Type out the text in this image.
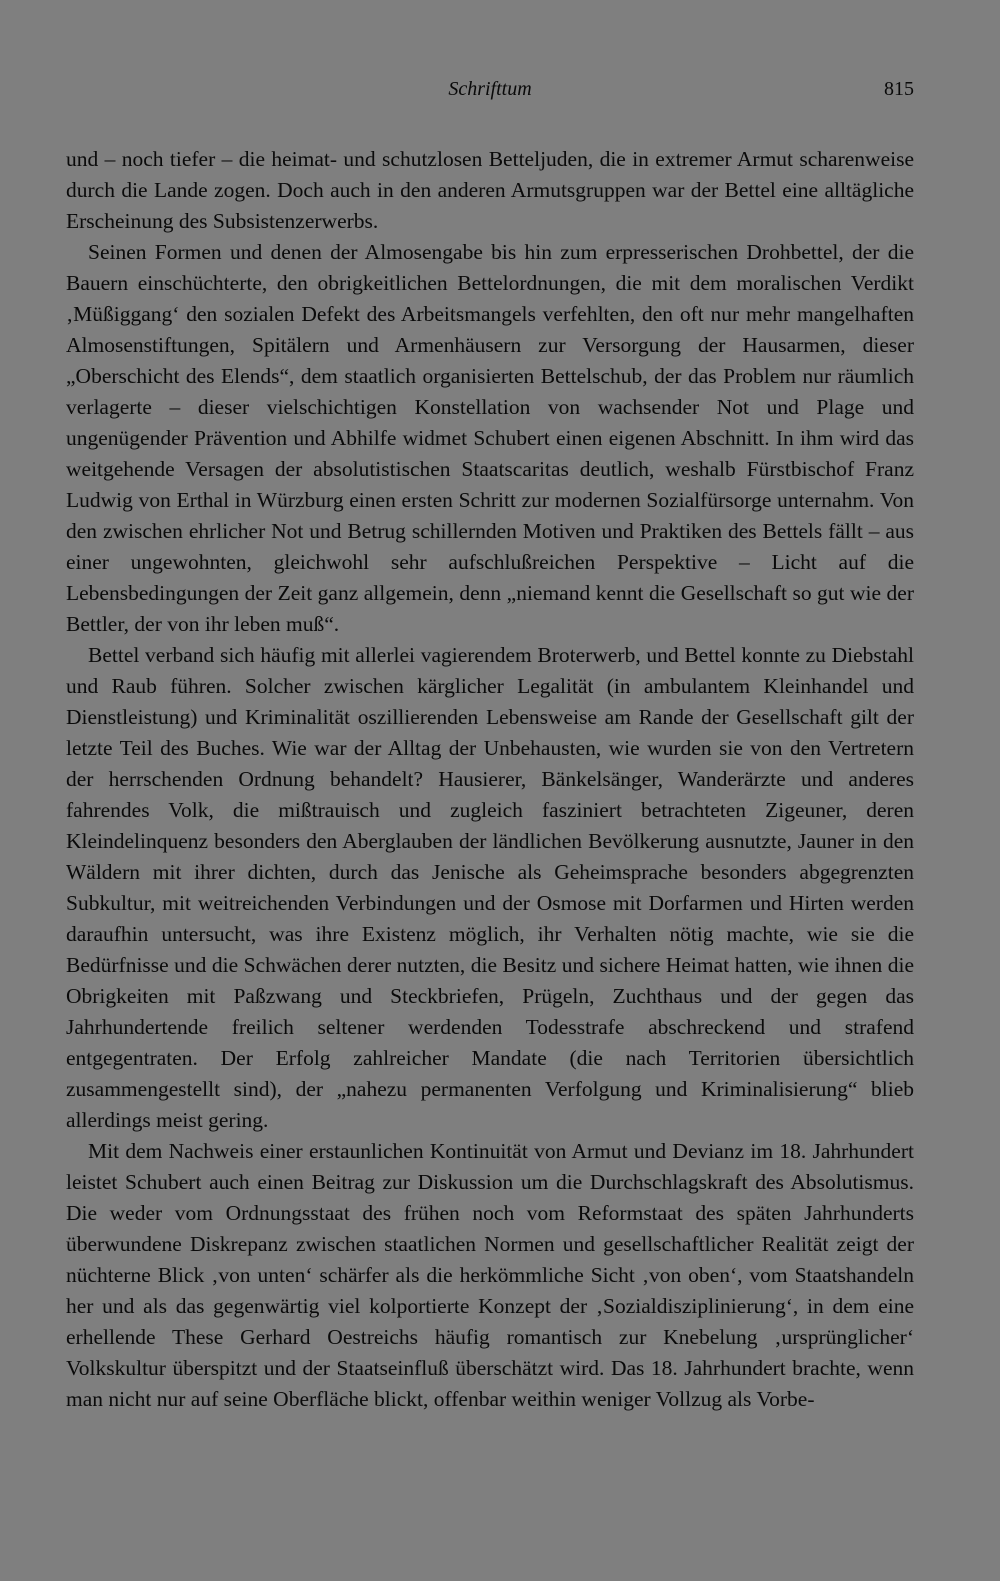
Schrifttum	815

und – noch tiefer – die heimat- und schutzlosen Betteljuden, die in extremer Armut scharenweise durch die Lande zogen. Doch auch in den anderen Armutsgruppen war der Bettel eine alltägliche Erscheinung des Subsistenzerwerbs.

Seinen Formen und denen der Almosengabe bis hin zum erpresserischen Drohbettel, der die Bauern einschüchterte, den obrigkeitlichen Bettelordnungen, die mit dem moralischen Verdikt ‚Müßiggang‘ den sozialen Defekt des Arbeitsmangels verfehlten, den oft nur mehr mangelhaften Almosenstiftungen, Spitälern und Armenhäusern zur Versorgung der Hausarmen, dieser „Oberschicht des Elends“, dem staatlich organisierten Bettelschub, der das Problem nur räumlich verlagerte – dieser vielschichtigen Konstellation von wachsender Not und Plage und ungenügender Prävention und Abhilfe widmet Schubert einen eigenen Abschnitt. In ihm wird das weitgehende Versagen der absolutistischen Staatscaritas deutlich, weshalb Fürstbischof Franz Ludwig von Erthal in Würzburg einen ersten Schritt zur modernen Sozialfürsorge unternahm. Von den zwischen ehrlicher Not und Betrug schillernden Motiven und Praktiken des Bettels fällt – aus einer ungewohnten, gleichwohl sehr aufschlußreichen Perspektive – Licht auf die Lebensbedingungen der Zeit ganz allgemein, denn „niemand kennt die Gesellschaft so gut wie der Bettler, der von ihr leben muß“.

Bettel verband sich häufig mit allerlei vagierendem Broterwerb, und Bettel konnte zu Diebstahl und Raub führen. Solcher zwischen kärglicher Legalität (in ambulantem Kleinhandel und Dienstleistung) und Kriminalität oszillierenden Lebensweise am Rande der Gesellschaft gilt der letzte Teil des Buches. Wie war der Alltag der Unbehausten, wie wurden sie von den Vertretern der herrschenden Ordnung behandelt? Hausierer, Bänkelsänger, Wanderärzte und anderes fahrendes Volk, die mißtrauisch und zugleich fasziniert betrachteten Zigeuner, deren Kleindelinquenz besonders den Aberglauben der ländlichen Bevölkerung ausnutzte, Jauner in den Wäldern mit ihrer dichten, durch das Jenische als Geheimsprache besonders abgegrenzten Subkultur, mit weitreichenden Verbindungen und der Osmose mit Dorfarmen und Hirten werden daraufhin untersucht, was ihre Existenz möglich, ihr Verhalten nötig machte, wie sie die Bedürfnisse und die Schwächen derer nutzten, die Besitz und sichere Heimat hatten, wie ihnen die Obrigkeiten mit Paßzwang und Steckbriefen, Prügeln, Zuchthaus und der gegen das Jahrhundertende freilich seltener werdenden Todesstrafe abschreckend und strafend entgegentraten. Der Erfolg zahlreicher Mandate (die nach Territorien übersichtlich zusammengestellt sind), der „nahezu permanenten Verfolgung und Kriminalisierung“ blieb allerdings meist gering.

Mit dem Nachweis einer erstaunlichen Kontinuität von Armut und Devianz im 18. Jahrhundert leistet Schubert auch einen Beitrag zur Diskussion um die Durchschlagskraft des Absolutismus. Die weder vom Ordnungsstaat des frühen noch vom Reformstaat des späten Jahrhunderts überwundene Diskrepanz zwischen staatlichen Normen und gesellschaftlicher Realität zeigt der nüchterne Blick ‚von unten‘ schärfer als die herkömmliche Sicht ‚von oben‘, vom Staatshandeln her und als das gegenwärtig viel kolportierte Konzept der ‚Sozialdisziplinierung‘, in dem eine erhellende These Gerhard Oestreichs häufig romantisch zur Knebelung ‚ursprünglicher‘ Volkskultur überspitzt und der Staatseinfluß überschätzt wird. Das 18. Jahrhundert brachte, wenn man nicht nur auf seine Oberfläche blickt, offenbar weithin weniger Vollzug als Vorbe-
